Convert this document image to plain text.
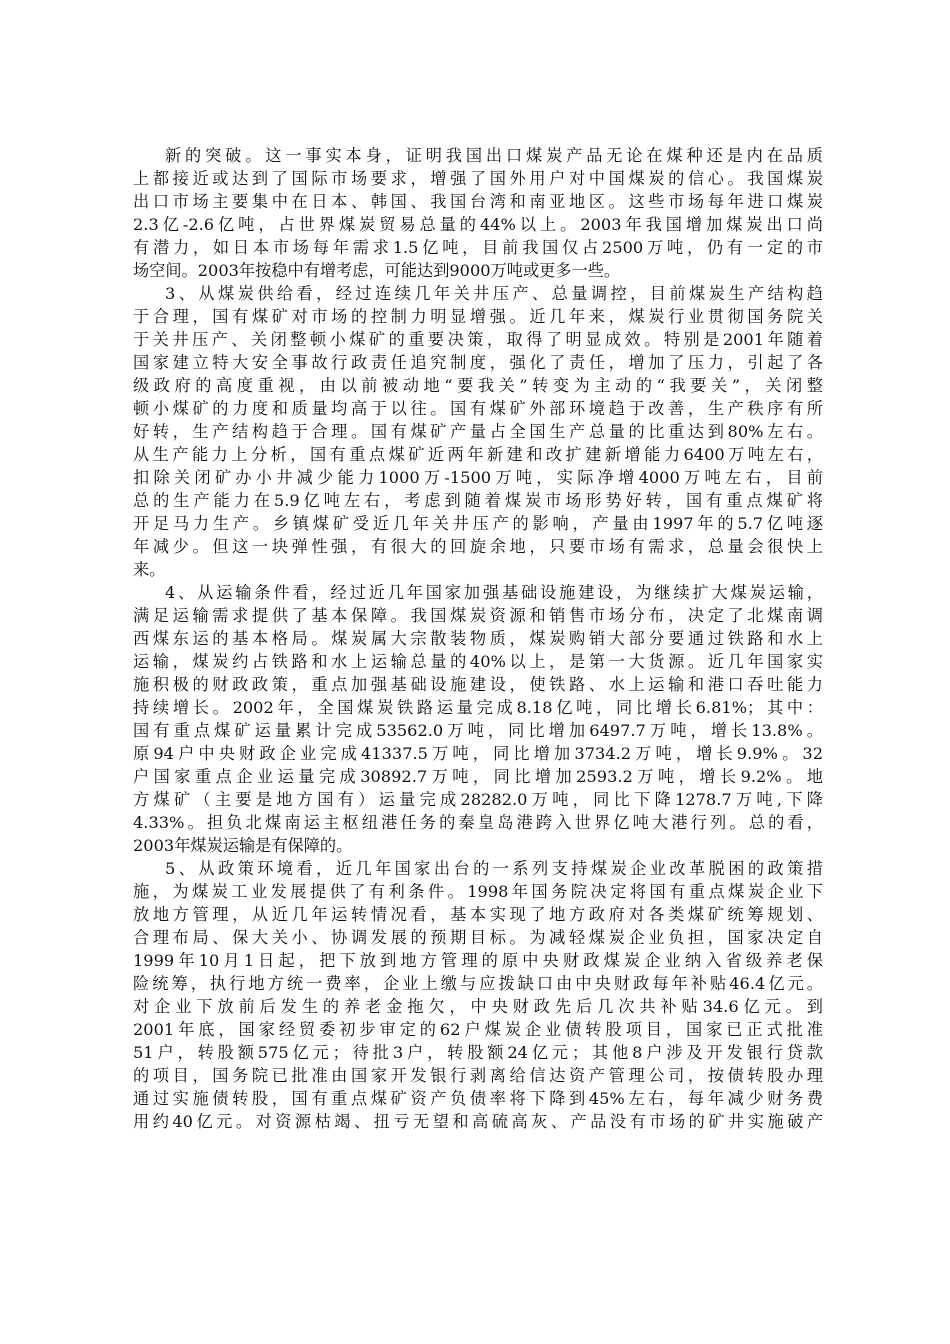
新的突破。这一事实本身，证明我国出口煤炭产品无论在煤种还是内在品质
上都接近或达到了国际市场要求，增强了国外用户对中国煤炭的信心。我国煤炭
出口市场主要集中在日本、韩国、我国台湾和南亚地区。这些市场每年进口煤炭
2.3亿-2.6亿吨，占世界煤炭贸易总量的44%以上。2003年我国增加煤炭出口尚
有潜力，如日本市场每年需求1.5亿吨，目前我国仅占2500万吨，仍有一定的市
场空间。2003年按稳中有增考虑，可能达到9000万吨或更多一些。
3、从煤炭供给看，经过连续几年关井压产、总量调控，目前煤炭生产结构趋
于合理，国有煤矿对市场的控制力明显增强。近几年来，煤炭行业贯彻国务院关
于关井压产、关闭整顿小煤矿的重要决策，取得了明显成效。特别是2001年随着
国家建立特大安全事故行政责任追究制度，强化了责任，增加了压力，引起了各
级政府的高度重视，由以前被动地“要我关”转变为主动的“我要关”，关闭整
顿小煤矿的力度和质量均高于以往。国有煤矿外部环境趋于改善，生产秩序有所
好转，生产结构趋于合理。国有煤矿产量占全国生产总量的比重达到80%左右。
从生产能力上分析，国有重点煤矿近两年新建和改扩建新增能力6400万吨左右，
扣除关闭矿办小井减少能力1000万-1500万吨，实际净增4000万吨左右，目前
总的生产能力在5.9亿吨左右，考虑到随着煤炭市场形势好转，国有重点煤矿将
开足马力生产。乡镇煤矿受近几年关井压产的影响，产量由1997年的5.7亿吨逐
年减少。但这一块弹性强，有很大的回旋余地，只要市场有需求，总量会很快上
来。
4、从运输条件看，经过近几年国家加强基础设施建设，为继续扩大煤炭运输，
满足运输需求提供了基本保障。我国煤炭资源和销售市场分布，决定了北煤南调
西煤东运的基本格局。煤炭属大宗散装物质，煤炭购销大部分要通过铁路和水上
运输，煤炭约占铁路和水上运输总量的40%以上，是第一大货源。近几年国家实
施积极的财政政策，重点加强基础设施建设，使铁路、水上运输和港口吞吐能力
持续增长。2002年，全国煤炭铁路运量完成8.18亿吨，同比增长6.81%；其中：
国有重点煤矿运量累计完成53562.0万吨，同比增加6497.7万吨，增长13.8%。
原94户中央财政企业完成41337.5万吨，同比增加3734.2万吨，增长9.9%。32
户国家重点企业运量完成30892.7万吨，同比增加2593.2万吨，增长9.2%。地
方煤矿（主要是地方国有）运量完成28282.0万吨，同比下降1278.7万吨,下降
4.33%。担负北煤南运主枢纽港任务的秦皇岛港跨入世界亿吨大港行列。总的看，
2003年煤炭运输是有保障的。
5、从政策环境看，近几年国家出台的一系列支持煤炭企业改革脱困的政策措
施，为煤炭工业发展提供了有利条件。1998年国务院决定将国有重点煤炭企业下
放地方管理，从近几年运转情况看，基本实现了地方政府对各类煤矿统筹规划、
合理布局、保大关小、协调发展的预期目标。为减轻煤炭企业负担，国家决定自
1999年10月1日起，把下放到地方管理的原中央财政煤炭企业纳入省级养老保
险统筹，执行地方统一费率，企业上缴与应拨缺口由中央财政每年补贴46.4亿元。
对企业下放前后发生的养老金拖欠，中央财政先后几次共补贴34.6亿元。到
2001年底，国家经贸委初步审定的62户煤炭企业债转股项目，国家已正式批准
51户，转股额575亿元；待批3户，转股额24亿元；其他8户涉及开发银行贷款
的项目，国务院已批准由国家开发银行剥离给信达资产管理公司，按债转股办理
通过实施债转股，国有重点煤矿资产负债率将下降到45%左右，每年减少财务费
用约40亿元。对资源枯竭、扭亏无望和高硫高灰、产品没有市场的矿井实施破产
